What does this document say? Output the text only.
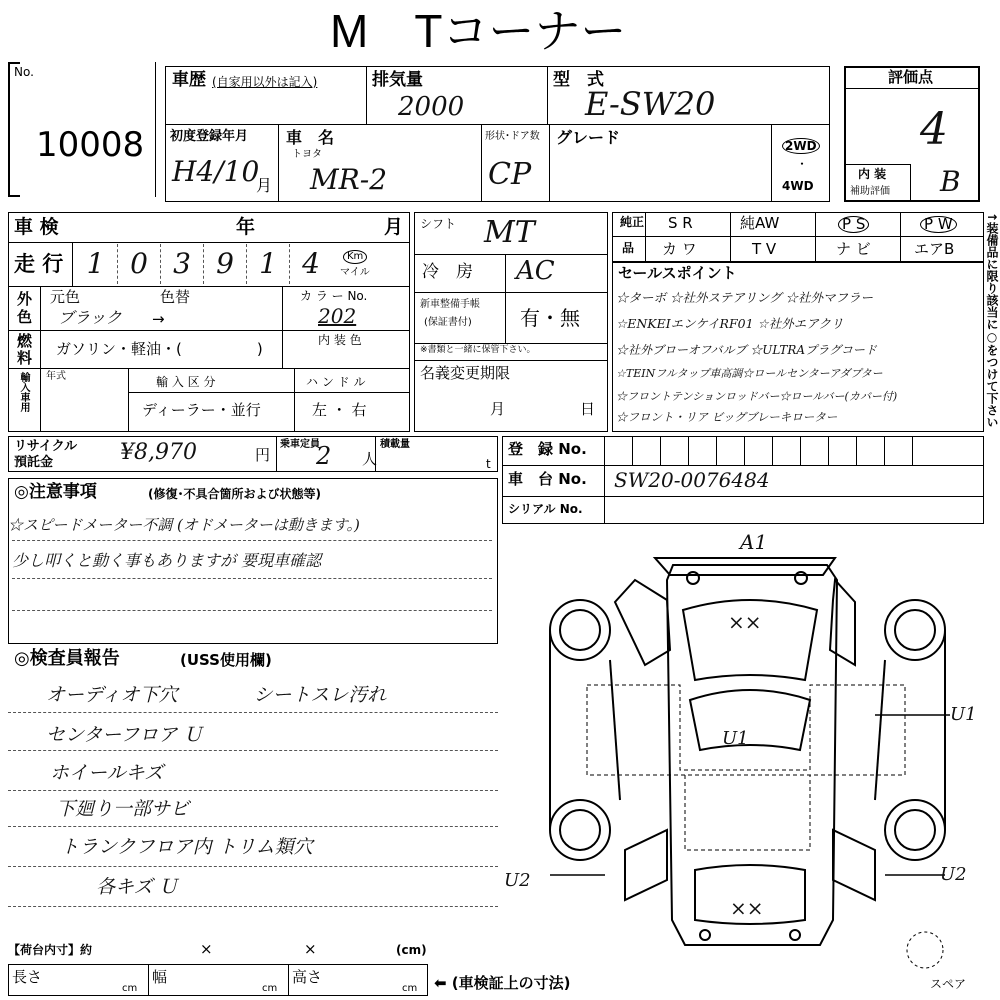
M　Tコーナー
No.
10008
車歴 (自家用以外は記入)	排気量
2000
型　式
E-SW20
初度登録年月
H4/10
月
車　名
トヨタ
MR-2
形状･ドア数
CP
グレード	2WD
･
4WD
評価点
4
内 装
補助評価 B
車 検	年	月
走 行 1 0 3 9 1 4	Km
マイル
外
色
元色	色替
ブラック →
カ ラ ー No.
202
燃
料 ガソリン・軽油・(　　　　　)	内 装 色
輸入車用 年式	輸 入 区 分
ディーラー・並行
ハ ン ド ル
左 ・ 右
シフト MT
冷　房 AC
新車整備手帳
(保証書付) 有・無
※書類と一緒に保管下さい。
名義変更期限
月	日
純正
品
S R	純AW	P S	P W
カ ワ	T V	ナ ビ	エアB
セールスポイント
☆ターボ ☆社外ステアリング ☆社外マフラー
☆ENKEIエンケイRF01 ☆社外エアクリ
☆社外ブローオフバルブ ☆ULTRAプラグコード
☆TEINフルタップ車高調☆ロールセンターアダプター
☆フロントテンションロッドバー☆ロールバー(カバー付)
☆フロント・リア ビッグブレーキローター	↑装備品に限り該当に○をつけて下さい
リサイクル
預託金	¥8,970	円
乗車定員
2 人
積載量
t
登　録 No.
車　台 No. SW20-0076484
シリアル No.
◎注意事項	(修復･不具合箇所および状態等)
☆スピードメーター不調 (オドメーターは動きます。)
少し叩くと動く事もありますが 要現車確認
◎検査員報告	(USS使用欄)
オーディオ下穴　　　　シートスレ汚れ
センターフロア Ｕ
ホイールキズ
下廻り一部サビ
トランクフロア内 トリム類穴
各キズ Ｕ
A1
××
U1
U1
U2	U2
××
スペア
【荷台内寸】約	×	×	(cm)
長さ
cm
幅
cm
高さ
cm ⬅ (車検証上の寸法)
